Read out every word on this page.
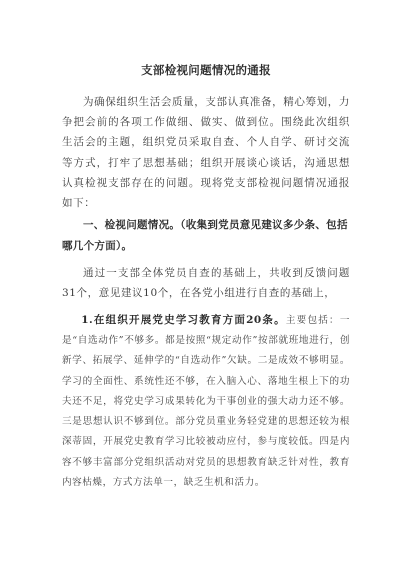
支部检视问题情况的通报

为确保组织生活会质量，支部认真准备，精心筹划，力争把会前的各项工作做细、做实、做到位。围绕此次组织生活会的主题，组织党员采取自查、个人自学、研讨交流等方式，打牢了思想基础；组织开展谈心谈话，沟通思想认真检视支部存在的问题。现将党支部检视问题情况通报如下：

一、检视问题情况。（收集到党员意见建议多少条、包括哪几个方面）。

通过一支部全体党员自查的基础上，共收到反馈问题31个，意见建议10个，在各党小组进行自查的基础上，

1.在组织开展党史学习教育方面20条。主要包括：一是“自选动作”不够多。都是按照“规定动作”按部就班地进行，创新学、拓展学、延伸学的“自选动作”欠缺。二是成效不够明显。学习的全面性、系统性还不够，在入脑入心、落地生根上下的功夫还不足，将党史学习成果转化为干事创业的强大动力还不够。三是思想认识不够到位。部分党员重业务轻党建的思想还较为根深蒂固，开展党史教育学习比较被动应付，参与度较低。四是内容不够丰富部分党组织活动对党员的思想教育缺乏针对性，教育内容枯燥，方式方法单一，缺乏生机和活力。
